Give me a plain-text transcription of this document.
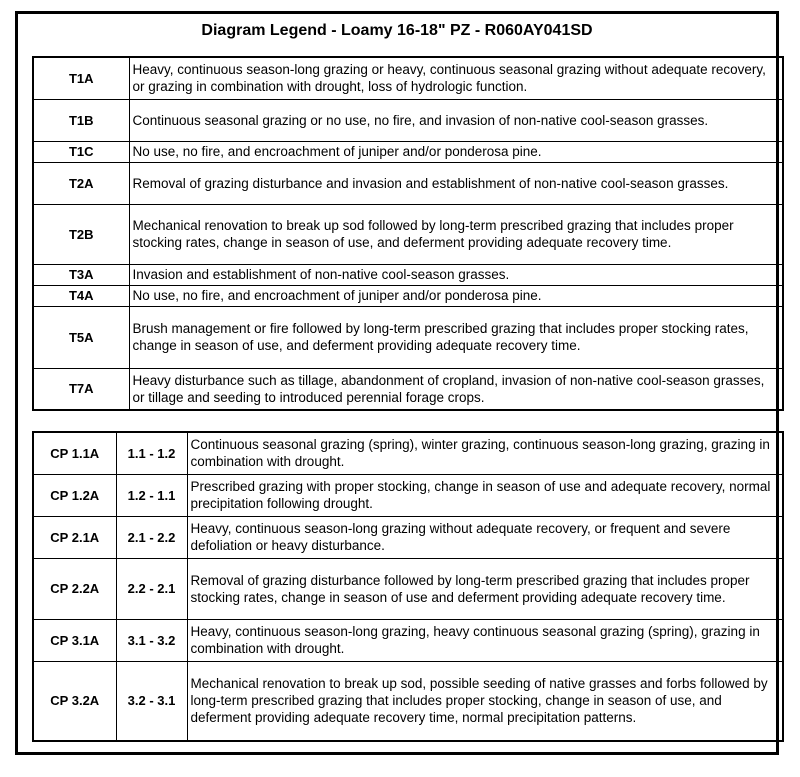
Diagram Legend - Loamy 16-18" PZ - R060AY041SD
T1A	Heavy, continuous season-long grazing or heavy, continuous seasonal grazing without adequate recovery, or grazing in combination with drought, loss of hydrologic function.
T1B	Continuous seasonal grazing or no use, no fire, and invasion of non-native cool-season grasses.
T1C	No use, no fire, and encroachment of juniper and/or ponderosa pine.
T2A	Removal of grazing disturbance and invasion and establishment of non-native cool-season grasses.
T2B	Mechanical renovation to break up sod followed by long-term prescribed grazing that includes proper stocking rates, change in season of use, and deferment providing adequate recovery time.
T3A	Invasion and establishment of non-native cool-season grasses.
T4A	No use, no fire, and encroachment of juniper and/or ponderosa pine.
T5A	Brush management or fire followed by long-term prescribed grazing that includes proper stocking rates, change in season of use, and deferment providing adequate recovery time.
T7A	Heavy disturbance such as tillage, abandonment of cropland, invasion of non-native cool-season grasses, or tillage and seeding to introduced perennial forage crops.
CP 1.1A	1.1 - 1.2	Continuous seasonal grazing (spring), winter grazing, continuous season-long grazing, grazing in combination with drought.
CP 1.2A	1.2 - 1.1	Prescribed grazing with proper stocking, change in season of use and adequate recovery, normal precipitation following drought.
CP 2.1A	2.1 - 2.2	Heavy, continuous season-long grazing without adequate recovery, or frequent and severe defoliation or heavy disturbance.
CP 2.2A	2.2 - 2.1	Removal of grazing disturbance followed by long-term prescribed grazing that includes proper stocking rates, change in season of use and deferment providing adequate recovery time.
CP 3.1A	3.1 - 3.2	Heavy, continuous season-long grazing, heavy continuous seasonal grazing (spring), grazing in combination with drought.
CP 3.2A	3.2 - 3.1	Mechanical renovation to break up sod, possible seeding of native grasses and forbs followed by long-term prescribed grazing that includes proper stocking, change in season of use, and deferment providing adequate recovery time, normal precipitation patterns.
